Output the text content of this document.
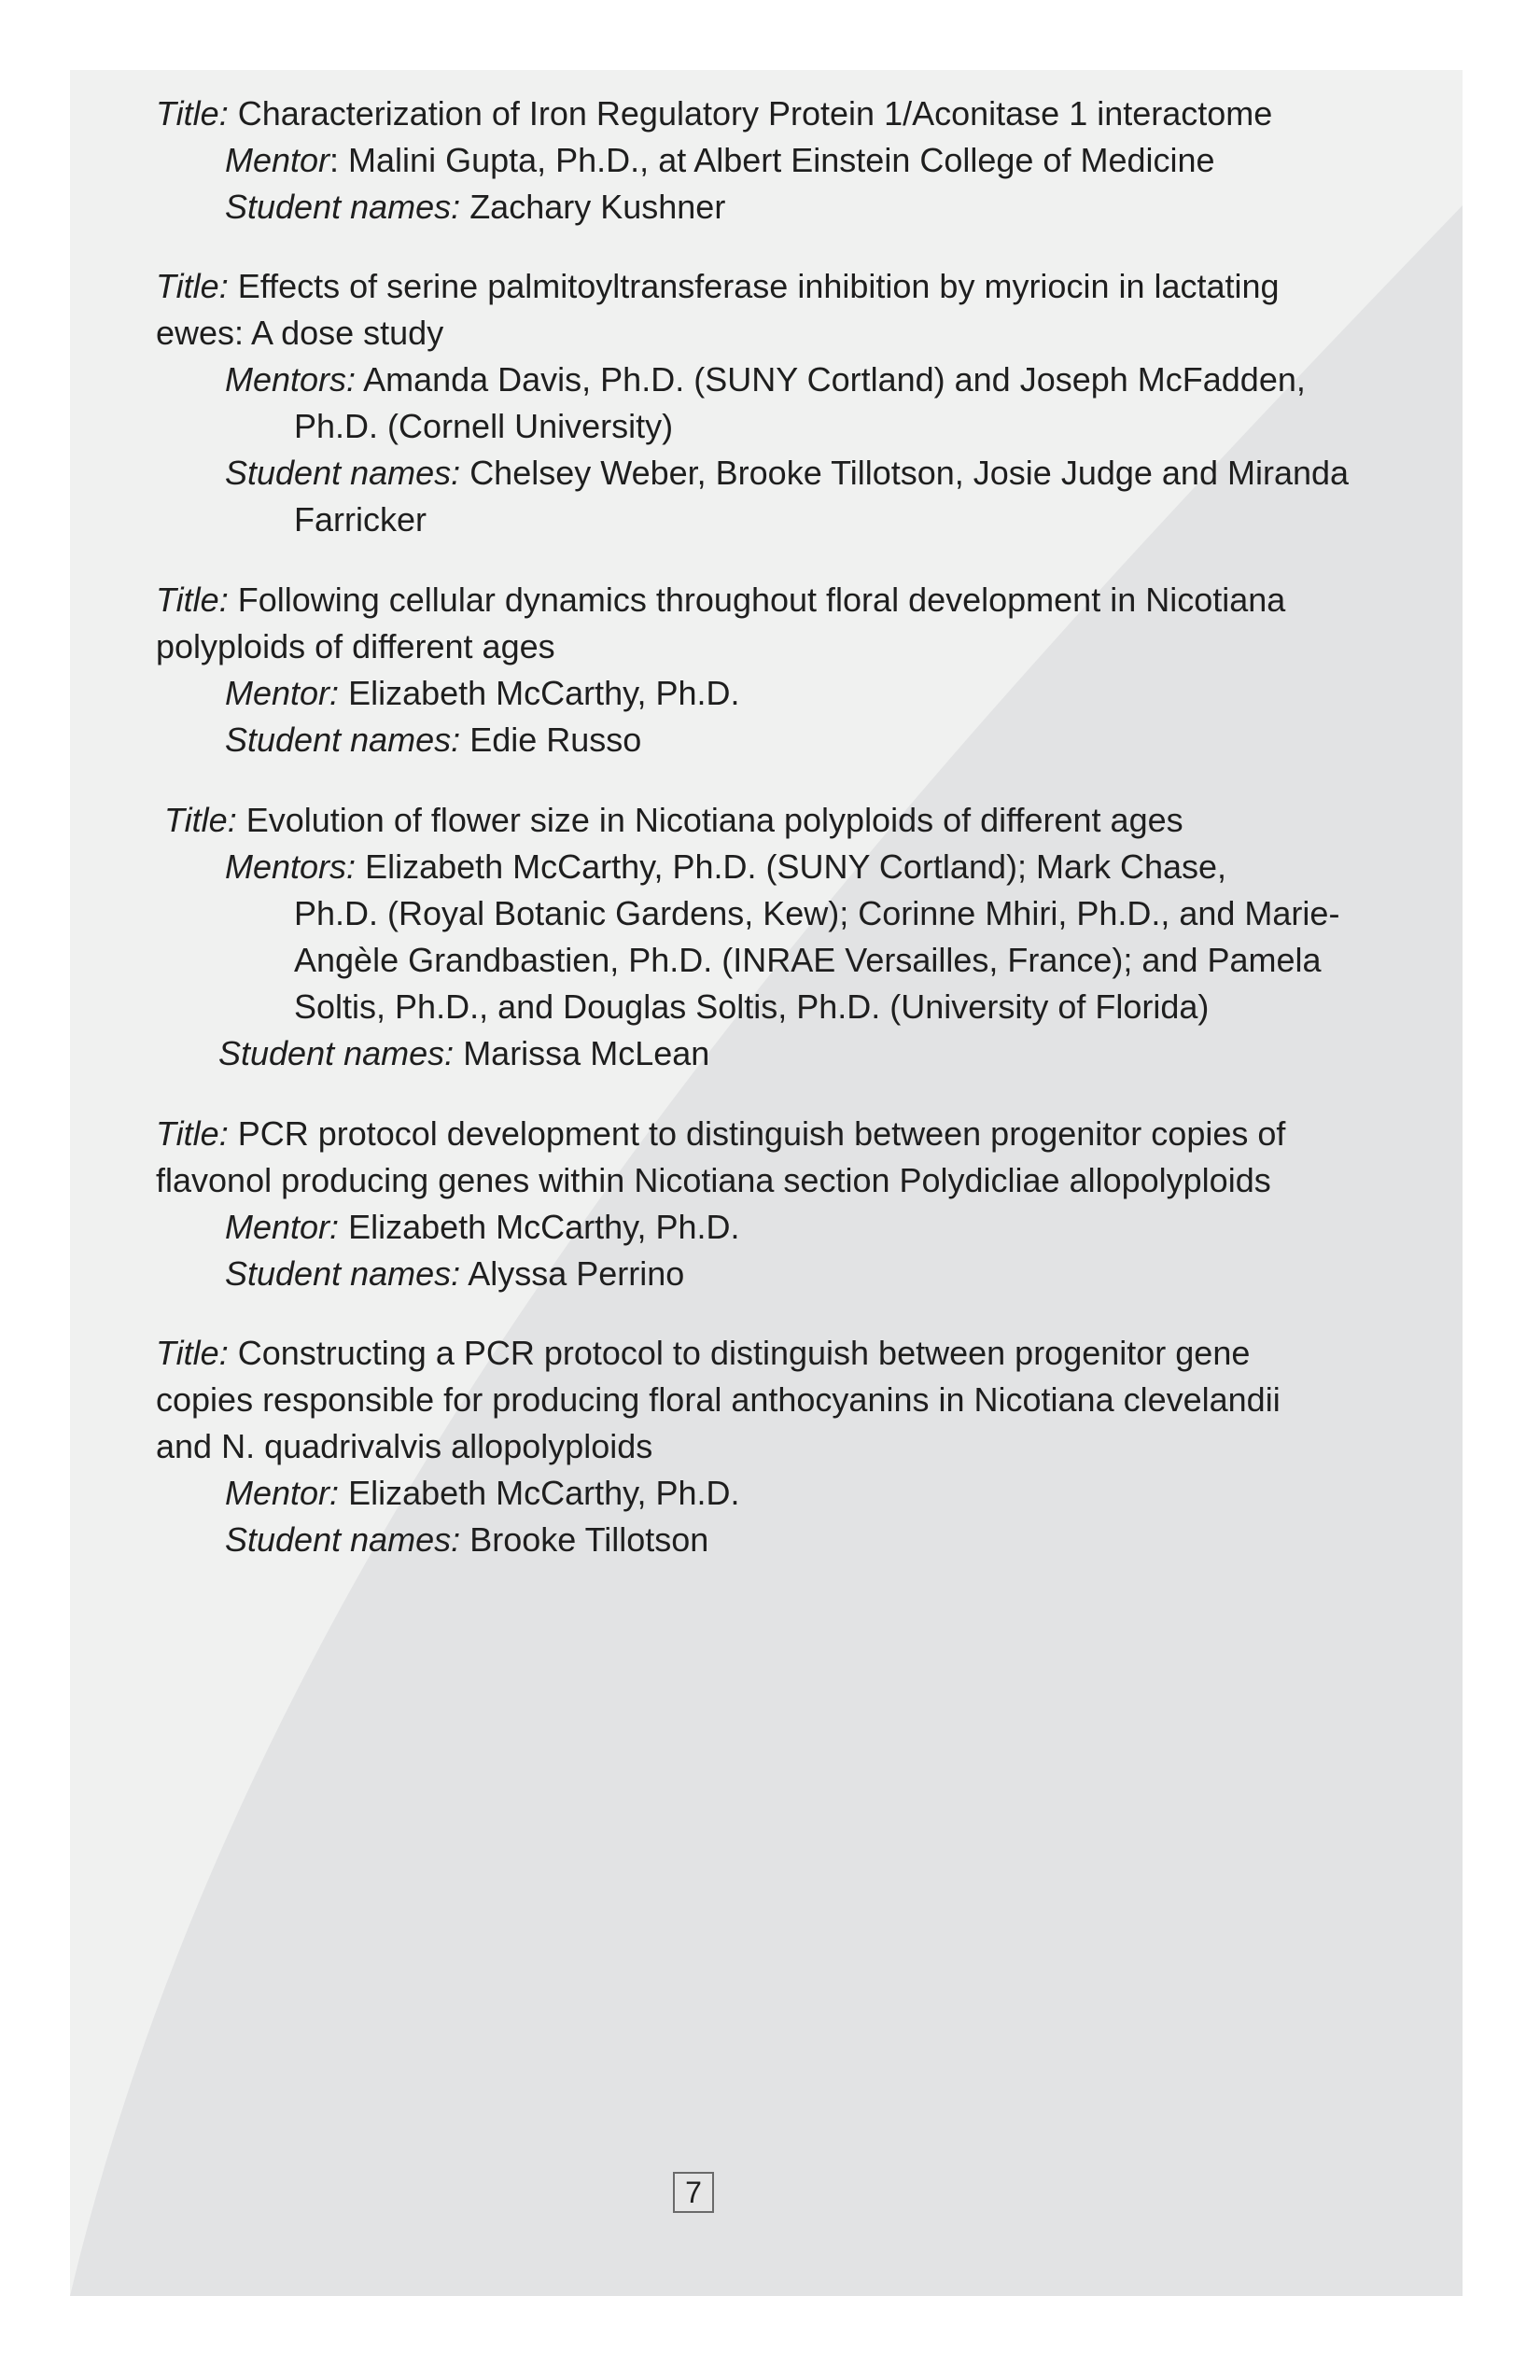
Title: Characterization of Iron Regulatory Protein 1/Aconitase 1 interactome

Mentor: Malini Gupta, Ph.D., at Albert Einstein College of Medicine

Student names: Zachary Kushner

Title: Effects of serine palmitoyltransferase inhibition by myriocin in lactating

ewes: A dose study

Mentors: Amanda Davis, Ph.D. (SUNY Cortland) and Joseph McFadden,

Ph.D. (Cornell University)

Student names: Chelsey Weber, Brooke Tillotson, Josie Judge and Miranda

Farricker

Title: Following cellular dynamics throughout floral development in Nicotiana

polyploids of different ages

Mentor: Elizabeth McCarthy, Ph.D.

Student names: Edie Russo

Title: Evolution of flower size in Nicotiana polyploids of different ages

Mentors: Elizabeth McCarthy, Ph.D. (SUNY Cortland); Mark Chase,

Ph.D. (Royal Botanic Gardens, Kew); Corinne Mhiri, Ph.D., and Marie-

Angèle Grandbastien, Ph.D. (INRAE Versailles, France); and Pamela

Soltis, Ph.D., and Douglas Soltis, Ph.D. (University of Florida)

Student names: Marissa McLean

Title: PCR protocol development to distinguish between progenitor copies of

flavonol producing genes within Nicotiana section Polydicliae allopolyploids

Mentor: Elizabeth McCarthy, Ph.D.

Student names: Alyssa Perrino

Title: Constructing a PCR protocol to distinguish between progenitor gene

copies responsible for producing floral anthocyanins in Nicotiana clevelandii

and N. quadrivalvis allopolyploids

Mentor: Elizabeth McCarthy, Ph.D.

Student names: Brooke Tillotson

7
